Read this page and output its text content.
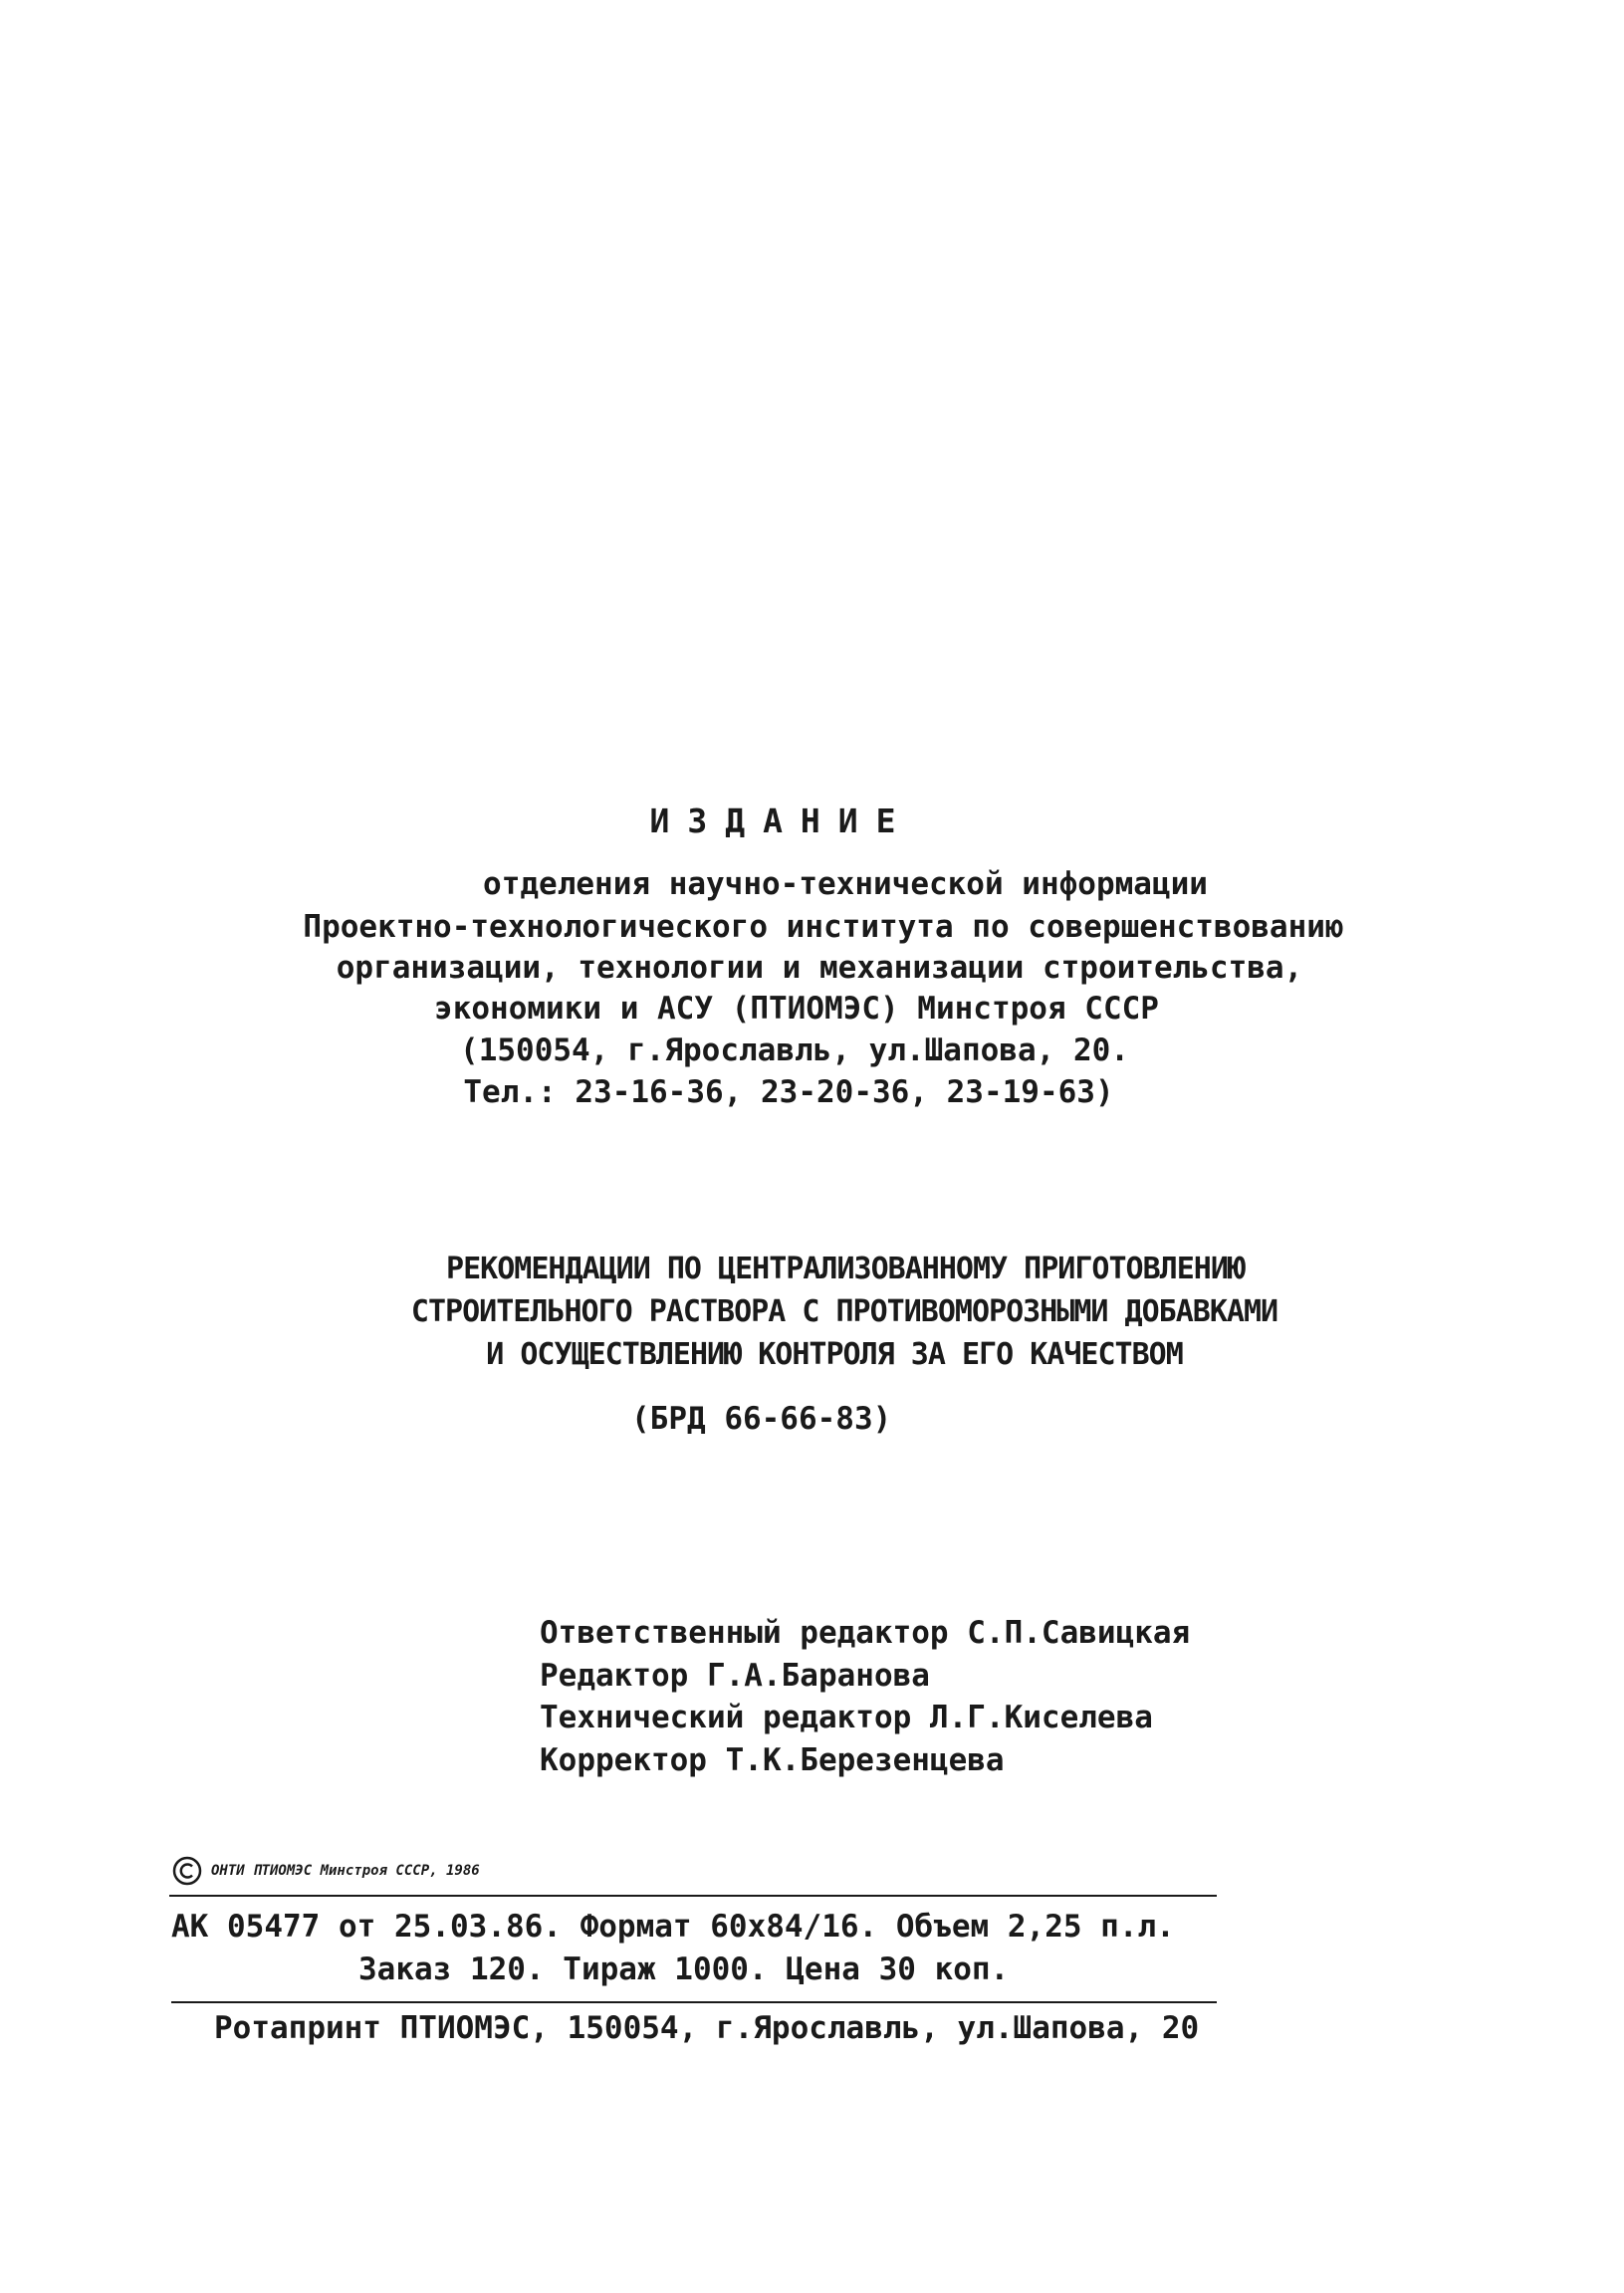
ИЗДАНИЕ
отделения научно-технической информации
Проектно-технологического института по совершенствованию
организации, технологии и механизации строительства,
экономики и АСУ (ПТИОМЭС) Минстроя СССР
(150054, г.Ярославль, ул.Шапова, 20.
Тел.: 23-16-36, 23-20-36, 23-19-63)
РЕКОМЕНДАЦИИ ПО ЦЕНТРАЛИЗОВАННОМУ ПРИГОТОВЛЕНИЮ
СТРОИТЕЛЬНОГО РАСТВОРА С ПРОТИВОМОРОЗНЫМИ ДОБАВКАМИ
И ОСУЩЕСТВЛЕНИЮ КОНТРОЛЯ ЗА ЕГО КАЧЕСТВОМ
(БРД 66-66-83)
Ответственный редактор С.П.Савицкая
Редактор Г.А.Баранова
Технический редактор Л.Г.Киселева
Корректор Т.К.Березенцева
ОНТИ ПТИОМЭС Минстроя СССР, 1986
АК 05477 от 25.03.86. Формат 60х84/16. Объем 2,25 п.л.
Заказ 120. Тираж 1000. Цена 30 коп.
Ротапринт ПТИОМЭС, 150054, г.Ярославль, ул.Шапова, 20
